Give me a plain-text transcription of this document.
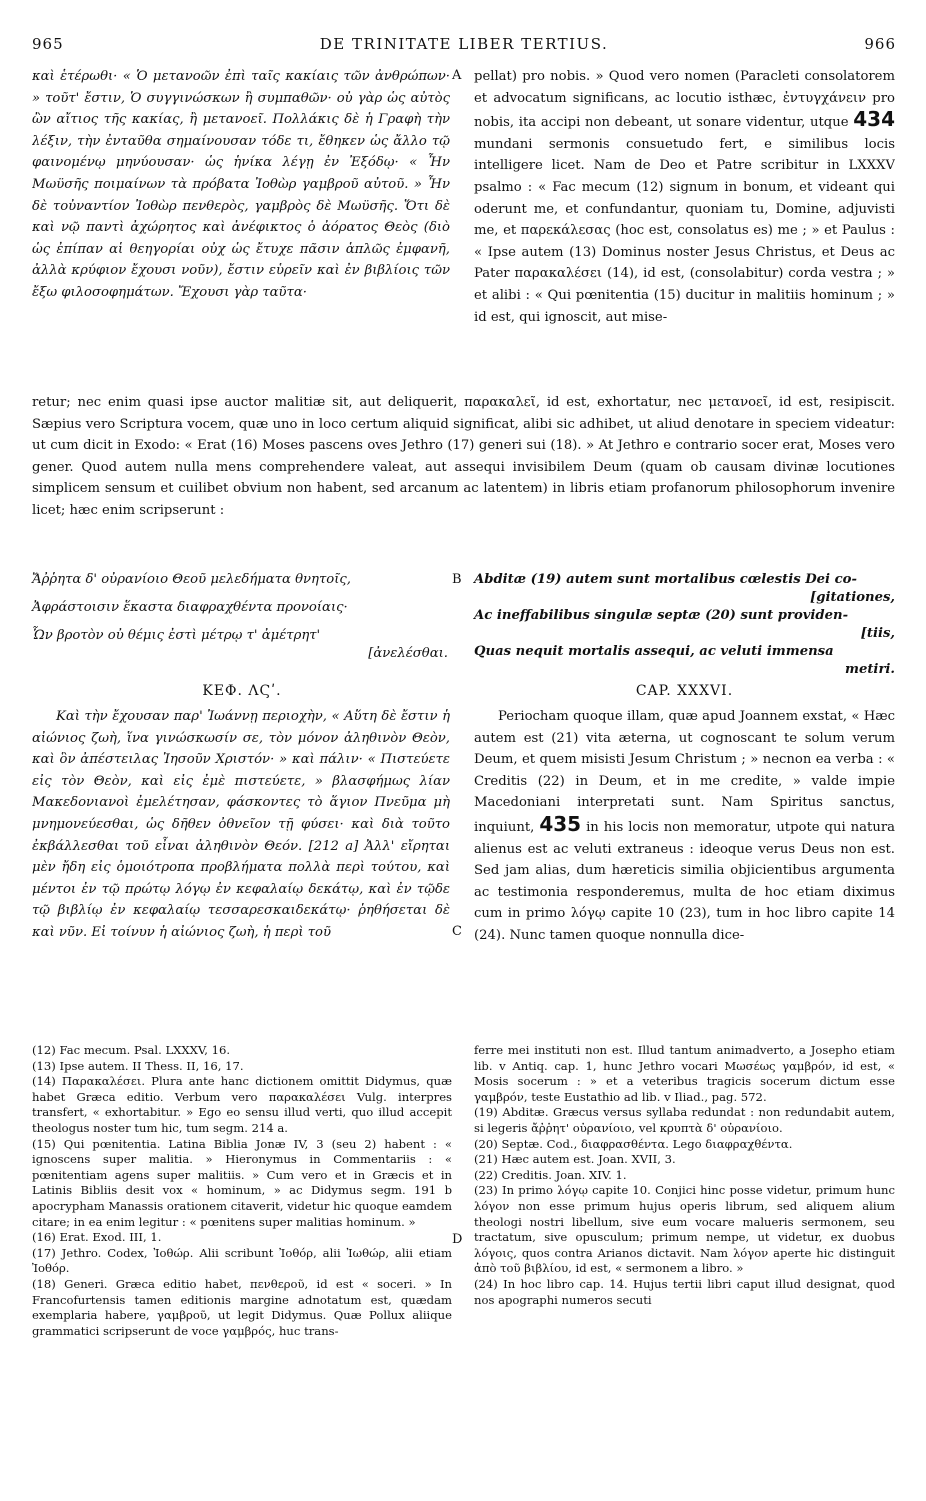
965	DE TRINITATE LIBER TERTIUS.	966

καὶ ἑτέρωθι· « Ὁ μετανοῶν ἐπὶ ταῖς κακίαις τῶν ἀνθρώπων· » τοῦτ' ἔστιν, Ὁ συγγινώσκων ἢ συμπαθῶν· οὐ γὰρ ὡς αὐτὸς ὢν αἴτιος τῆς κακίας, ἢ μετανοεῖ. Πολλάκις δὲ ἡ Γραφὴ τὴν λέξιν, τὴν ἐνταῦθα σημαίνουσαν τόδε τι, ἔθηκεν ὡς ἄλλο τῷ φαινομένῳ μηνύουσαν· ὡς ἡνίκα λέγῃ ἐν Ἐξόδῳ· « Ἦν Μωϋσῆς ποιμαίνων τὰ πρόβατα Ἰοθὼρ γαμβροῦ αὐτοῦ. » Ἦν δὲ τοὐναντίον Ἰοθὼρ πενθερὸς, γαμβρὸς δὲ Μωϋσῆς. Ὅτι δὲ καὶ νῷ παντὶ ἀχώρητος καὶ ἀνέφικτος ὁ ἀόρατος Θεὸς (διὸ ὡς ἐπίπαν αἱ θεηγορίαι οὐχ ὡς ἔτυχε πᾶσιν ἁπλῶς ἐμφανῆ, ἀλλὰ κρύφιον ἔχουσι νοῦν), ἔστιν εὑρεῖν καὶ ἐν βιβλίοις τῶν ἔξω φιλοσοφημάτων. Ἔχουσι γὰρ ταῦτα·

A pellat) pro nobis. » Quod vero nomen (Paracleti consolatorem et advocatum significans, ac locutio isthæc, ἐντυγχάνειν pro nobis, ita accipi non debeant, ut sonare videntur, utque 434 mundani sermonis consuetudo fert, e similibus locis intelligere licet. Nam de Deo et Patre scribitur in LXXXV psalmo : « Fac mecum (12) signum in bonum, et videant qui oderunt me, et confundantur, quoniam tu, Domine, adjuvisti me, et παρεκάλεσας (hoc est, consolatus es) me ; » et Paulus : « Ipse autem (13) Dominus noster Jesus Christus, et Deus ac Pater παρακαλέσει (14), id est, (consolabitur) corda vestra ; » et alibi : « Qui pœnitentia (15) ducitur in malitiis hominum ; » id est, qui ignoscit, aut mise-

retur; nec enim quasi ipse auctor malitiæ sit, aut deliquerit, παρακαλεῖ, id est, exhortatur, nec μετανοεῖ, id est, resipiscit. Sæpius vero Scriptura vocem, quæ uno in loco certum aliquid significat, alibi sic adhibet, ut aliud denotare in speciem videatur: ut cum dicit in Exodo: « Erat (16) Moses pascens oves Jethro (17) generi sui (18). » At Jethro e contrario socer erat, Moses vero gener. Quod autem nulla mens comprehendere valeat, aut assequi invisibilem Deum (quam ob causam divinæ locutiones simplicem sensum et cuilibet obvium non habent, sed arcanum ac latentem) in libris etiam profanorum philosophorum invenire licet; hæc enim scripserunt :

Ἄῤῥητα δ' οὐρανίοιο Θεοῦ μελεδήματα θνητοῖς,
Ἀφράστοισιν ἕκαστα διαφραχθέντα προνοίαις·
Ὧν βροτὸν οὐ θέμις ἐστὶ μέτρῳ τ' ἀμέτρητ'
[ἀνελέσθαι.
B Abditæ (19) autem sunt mortalibus cœlestis Dei co-
[gitationes,
Ac ineffabilibus singulæ septæ (20) sunt providen-
[tiis,
Quas nequit mortalis assequi, ac veluti immensa
metiri.
ΚΕΦ. ΛϚʹ.	CAP. XXXVI.

Καὶ τὴν ἔχουσαν παρ' Ἰωάννῃ περιοχὴν, « Αὕτη δὲ ἔστιν ἡ αἰώνιος ζωὴ, ἵνα γινώσκωσίν σε, τὸν μόνον ἀληθινὸν Θεὸν, καὶ ὃν ἀπέστειλας Ἰησοῦν Χριστόν· » καὶ πάλιν· « Πιστεύετε εἰς τὸν Θεὸν, καὶ εἰς ἐμὲ πιστεύετε, » βλασφήμως λίαν Μακεδονιανοὶ ἐμελέτησαν, φάσκοντες τὸ ἅγιον Πνεῦμα μὴ μνημονεύεσθαι, ὡς δῆθεν ὀθνεῖον τῇ φύσει· καὶ διὰ τοῦτο ἐκβάλλεσθαι τοῦ εἶναι ἀληθινὸν Θεόν. [212 a] Ἀλλ' εἴρηται μὲν ἤδη εἰς ὁμοιότροπα προβλήματα πολλὰ περὶ τούτου, καὶ μέντοι ἐν τῷ πρώτῳ λόγῳ ἐν κεφαλαίῳ δεκάτῳ, καὶ ἐν τῷδε τῷ βιβλίῳ ἐν κεφαλαίῳ τεσσαρεσκαιδεκάτῳ· ῥηθήσεται δὲ καὶ νῦν. Εἰ τοίνυν ἡ αἰώνιος ζωὴ, ἡ περὶ τοῦ	C

Periocham quoque illam, quæ apud Joannem exstat, « Hæc autem est (21) vita æterna, ut cognoscant te solum verum Deum, et quem misisti Jesum Christum ; » necnon ea verba : « Creditis (22) in Deum, et in me credite, » valde impie Macedoniani interpretati sunt. Nam Spiritus sanctus, inquiunt, 435 in his locis non memoratur, utpote qui natura alienus est ac veluti extraneus : ideoque verus Deus non est. Sed jam alias, dum hæreticis similia objicientibus argumenta ac testimonia responderemus, multa de hoc etiam diximus cum in primo λόγῳ capite 10 (23), tum in hoc libro capite 14 (24). Nunc tamen quoque nonnulla dice-

(12) Fac mecum. Psal. LXXXV, 16.

(13) Ipse autem. II Thess. II, 16, 17.

(14) Παρακαλέσει. Plura ante hanc dictionem omittit Didymus, quæ habet Græca editio. Verbum vero παρακαλέσει Vulg. interpres transfert, « exhortabitur. » Ego eo sensu illud verti, quo illud accepit theologus noster tum hic, tum segm. 214 a.

(15) Qui pœnitentia. Latina Biblia Jonæ IV, 3 (seu 2) habent : « ignoscens super malitia. » Hieronymus in Commentariis : « pœnitentiam agens super malitiis. » Cum vero et in Græcis et in Latinis Bibliis desit vox « hominum, » ac Didymus segm. 191 b apocrypham Manassis orationem citaverit, videtur hic quoque eamdem citare; in ea enim legitur : « pœnitens super malitias hominum. »

(16) Erat. Exod. III, 1.

(17) Jethro. Codex, Ἰοθώρ. Alii scribunt Ἰοθόρ, alii Ἰωθώρ, alii etiam Ἰοθόρ.

(18) Generi. Græca editio habet, πενθεροῦ, id est « soceri. » In Francofurtensis tamen editionis margine adnotatum est, quædam exemplaria habere, γαμβροῦ, ut legit Didymus. Quæ Pollux aliique grammatici scripserunt de voce γαμβρός, huc trans-

D

ferre mei instituti non est. Illud tantum animadverto, a Josepho etiam lib. v Antiq. cap. 1, hunc Jethro vocari Μωσέως γαμβρόν, id est, « Mosis socerum : » et a veteribus tragicis socerum dictum esse γαμβρόν, teste Eustathio ad lib. v Iliad., pag. 572.

(19) Abditæ. Græcus versus syllaba redundat : non redundabit autem, si legeris ἄῤῥητ' οὐρανίοιο, vel κρυπτὰ δ' οὐρανίοιο.

(20) Septæ. Cod., διαφρασθέντα. Lego διαφραχθέντα.

(21) Hæc autem est. Joan. XVII, 3.

(22) Creditis. Joan. XIV. 1.

(23) In primo λόγῳ capite 10. Conjici hinc posse videtur, primum hunc λόγον non esse primum hujus operis librum, sed aliquem alium theologi nostri libellum, sive eum vocare malueris sermonem, seu tractatum, sive opusculum; primum nempe, ut videtur, ex duobus λόγοις, quos contra Arianos dictavit. Nam λόγον aperte hic distinguit ἀπὸ τοῦ βιβλίου, id est, « sermonem a libro. »

(24) In hoc libro cap. 14. Hujus tertii libri caput illud designat, quod nos apographi numeros secuti
